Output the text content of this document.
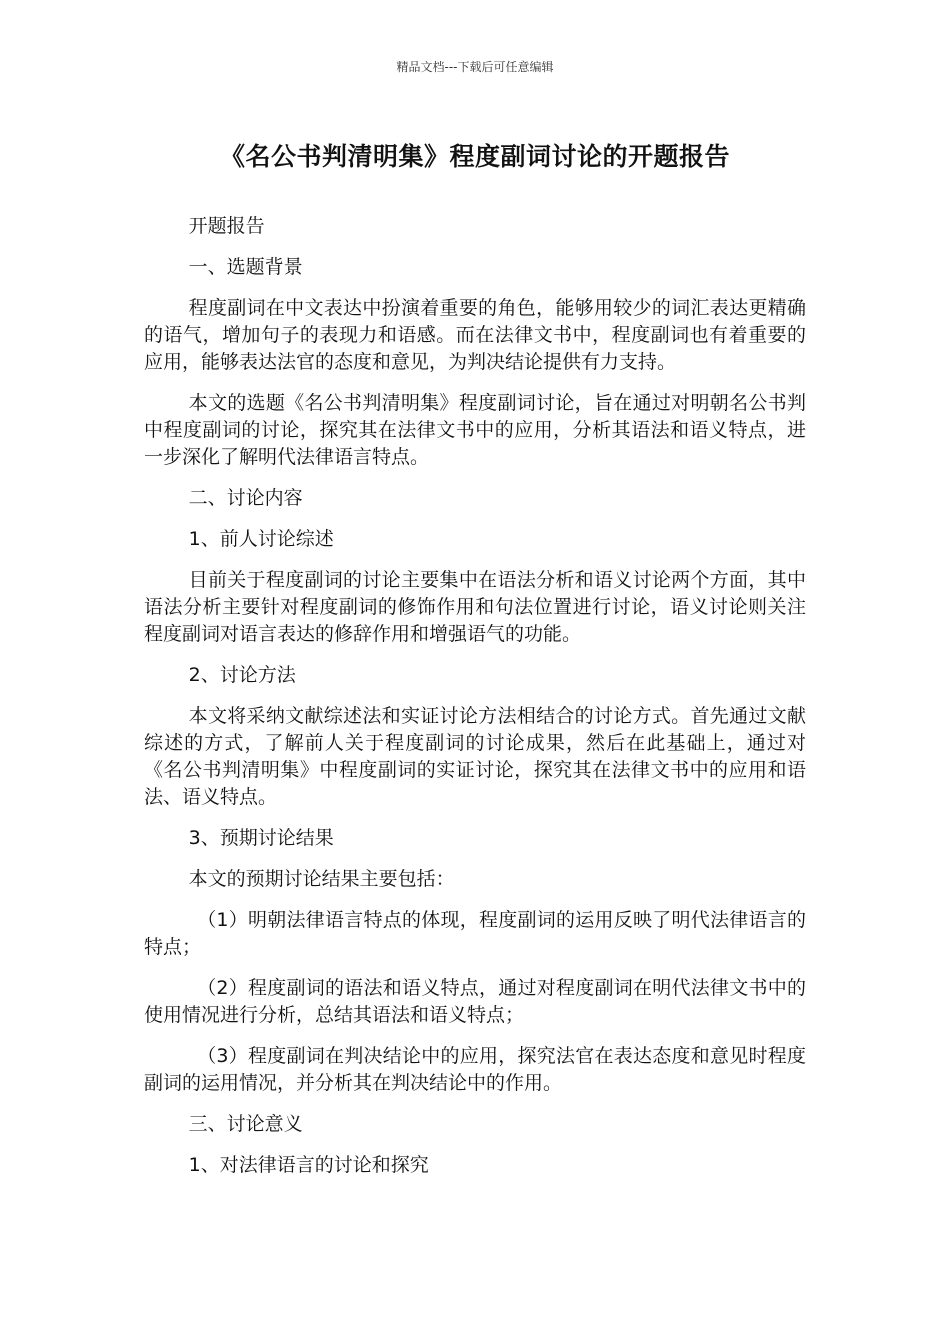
精品文档---下载后可任意编辑
《名公书判清明集》程度副词讨论的开题报告

开题报告

一、选题背景

程度副词在中文表达中扮演着重要的角色，能够用较少的词汇表达更精确的语气，增加句子的表现力和语感。而在法律文书中，程度副词也有着重要的应用，能够表达法官的态度和意见，为判决结论提供有力支持。

本文的选题《名公书判清明集》程度副词讨论，旨在通过对明朝名公书判中程度副词的讨论，探究其在法律文书中的应用，分析其语法和语义特点，进一步深化了解明代法律语言特点。

二、讨论内容

1、前人讨论综述

目前关于程度副词的讨论主要集中在语法分析和语义讨论两个方面，其中语法分析主要针对程度副词的修饰作用和句法位置进行讨论，语义讨论则关注程度副词对语言表达的修辞作用和增强语气的功能。

2、讨论方法

本文将采纳文献综述法和实证讨论方法相结合的讨论方式。首先通过文献综述的方式，了解前人关于程度副词的讨论成果，然后在此基础上，通过对《名公书判清明集》中程度副词的实证讨论，探究其在法律文书中的应用和语法、语义特点。

3、预期讨论结果

本文的预期讨论结果主要包括：

（1）明朝法律语言特点的体现，程度副词的运用反映了明代法律语言的特点；

（2）程度副词的语法和语义特点，通过对程度副词在明代法律文书中的使用情况进行分析，总结其语法和语义特点；

（3）程度副词在判决结论中的应用，探究法官在表达态度和意见时程度副词的运用情况，并分析其在判决结论中的作用。

三、讨论意义

1、对法律语言的讨论和探究
